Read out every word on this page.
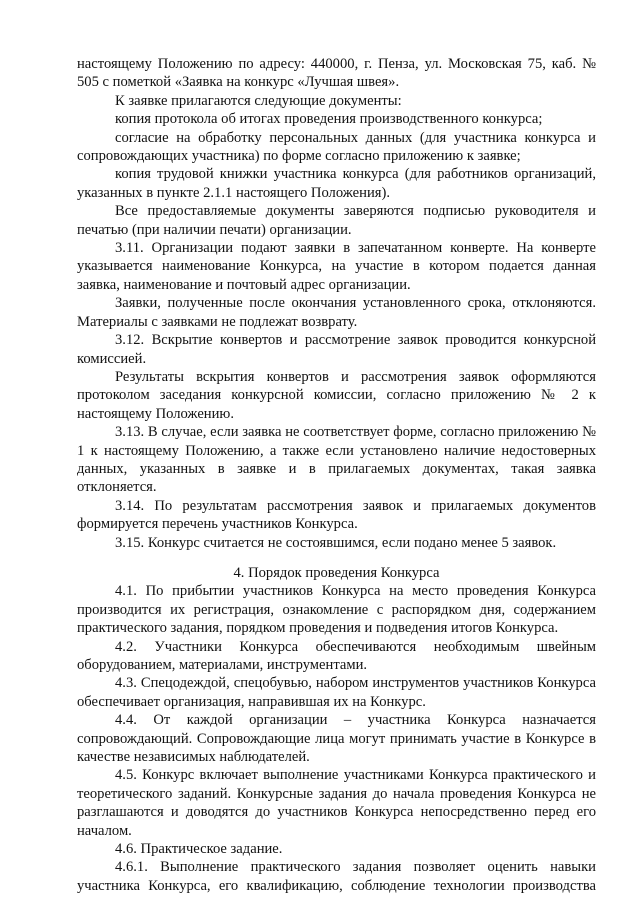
настоящему Положению по адресу: 440000, г. Пенза, ул. Московская 75, каб. № 505 с пометкой «Заявка на конкурс «Лучшая швея».

К заявке прилагаются следующие документы:

копия протокола об итогах проведения производственного конкурса;

согласие на обработку персональных данных (для участника конкурса и сопровождающих участника) по форме согласно приложению к заявке;

копия трудовой книжки участника конкурса (для работников организаций, указанных в пункте 2.1.1 настоящего Положения).

Все предоставляемые документы заверяются подписью руководителя и печатью (при наличии печати) организации.

3.11. Организации подают заявки в запечатанном конверте. На конверте указывается наименование Конкурса, на участие в котором подается данная заявка, наименование и почтовый адрес организации.

Заявки, полученные после окончания установленного срока, отклоняются. Материалы с заявками не подлежат возврату.

3.12. Вскрытие конвертов и рассмотрение заявок проводится конкурсной комиссией.

Результаты вскрытия конвертов и рассмотрения заявок оформляются протоколом заседания конкурсной комиссии, согласно приложению № 2 к настоящему Положению.

3.13. В случае, если заявка не соответствует форме, согласно приложению № 1 к настоящему Положению, а также если установлено наличие недостоверных данных, указанных в заявке и в прилагаемых документах, такая заявка отклоняется.

3.14. По результатам рассмотрения заявок и прилагаемых документов формируется перечень участников Конкурса.

3.15. Конкурс считается не состоявшимся, если подано менее 5 заявок.

4. Порядок проведения Конкурса

4.1. По прибытии участников Конкурса на место проведения Конкурса производится их регистрация, ознакомление с распорядком дня, содержанием практического задания, порядком проведения и подведения итогов Конкурса.

4.2. Участники Конкурса обеспечиваются необходимым швейным оборудованием, материалами, инструментами.

4.3. Спецодеждой, спецобувью, набором инструментов участников Конкурса обеспечивает организация, направившая их на Конкурс.

4.4. От каждой организации – участника Конкурса назначается сопровождающий. Сопровождающие лица могут принимать участие в Конкурсе в качестве независимых наблюдателей.

4.5. Конкурс включает выполнение участниками Конкурса практического и теоретического заданий. Конкурсные задания до начала проведения Конкурса не разглашаются и доводятся до участников Конкурса непосредственно перед его началом.

4.6. Практическое задание.

4.6.1. Выполнение практического задания позволяет оценить навыки участника Конкурса, его квалификацию, соблюдение технологии производства
